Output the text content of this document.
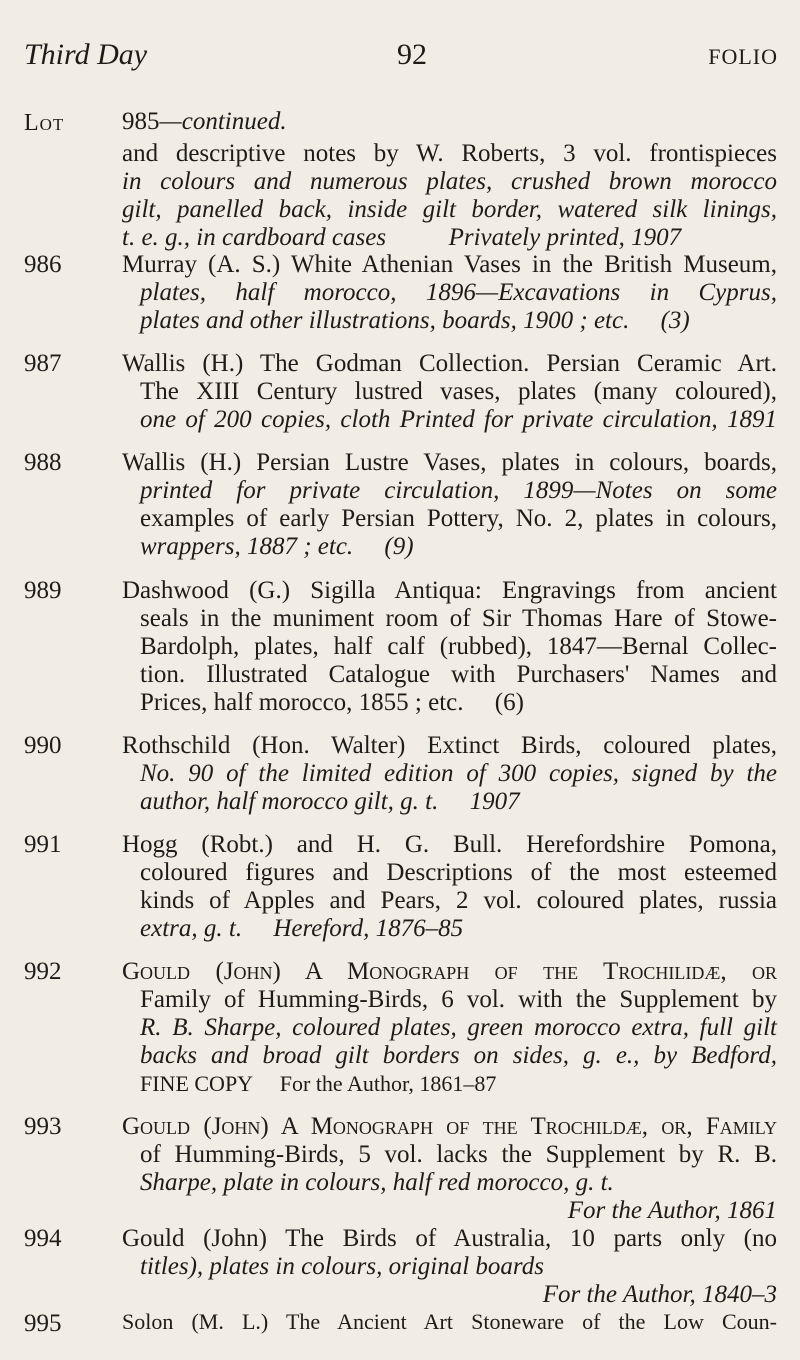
Third Day	92	FOLIO
Lot 985—continued.
and descriptive notes by W. Roberts, 3 vol. frontispieces
in colours and numerous plates, crushed brown morocco
gilt, panelled back, inside gilt border, watered silk linings,
t. e. g., in cardboard cases          Privately printed, 1907
986 Murray (A. S.) White Athenian Vases in the British Museum,
plates, half morocco, 1896—Excavations in Cyprus,
plates and other illustrations, boards, 1900 ; etc.     (3)
987 Wallis (H.) The Godman Collection. Persian Ceramic Art.
The XIII Century lustred vases, plates (many coloured),
one of 200 copies, cloth Printed for private circulation, 1891
988 Wallis (H.) Persian Lustre Vases, plates in colours, boards,
printed for private circulation, 1899—Notes on some
examples of early Persian Pottery, No. 2, plates in colours,
wrappers, 1887 ; etc.     (9)
989 Dashwood (G.) Sigilla Antiqua: Engravings from ancient
seals in the muniment room of Sir Thomas Hare of Stowe-
Bardolph, plates, half calf (rubbed), 1847—Bernal Collec-
tion. Illustrated Catalogue with Purchasers' Names and
Prices, half morocco, 1855 ; etc.     (6)
990 Rothschild (Hon. Walter) Extinct Birds, coloured plates,
No. 90 of the limited edition of 300 copies, signed by the
author, half morocco gilt, g. t.     1907
991 Hogg (Robt.) and H. G. Bull. Herefordshire Pomona,
coloured figures and Descriptions of the most esteemed
kinds of Apples and Pears, 2 vol. coloured plates, russia
extra, g. t.     Hereford, 1876–85
992 Gould (John) A Monograph of the Trochilidæ, or
Family of Humming-Birds, 6 vol. with the Supplement by
R. B. Sharpe, coloured plates, green morocco extra, full gilt
backs and broad gilt borders on sides, g. e., by Bedford,
FINE COPY     For the Author, 1861–87
993 Gould (John) A Monograph of the Trochildæ, or, Family
of Humming-Birds, 5 vol. lacks the Supplement by R. B.
Sharpe, plate in colours, half red morocco, g. t.
For the Author, 1861
994 Gould (John) The Birds of Australia, 10 parts only (no
titles), plates in colours, original boards
For the Author, 1840–3
995	Solon (M. L.) The Ancient Art Stoneware of the Low Coun-
